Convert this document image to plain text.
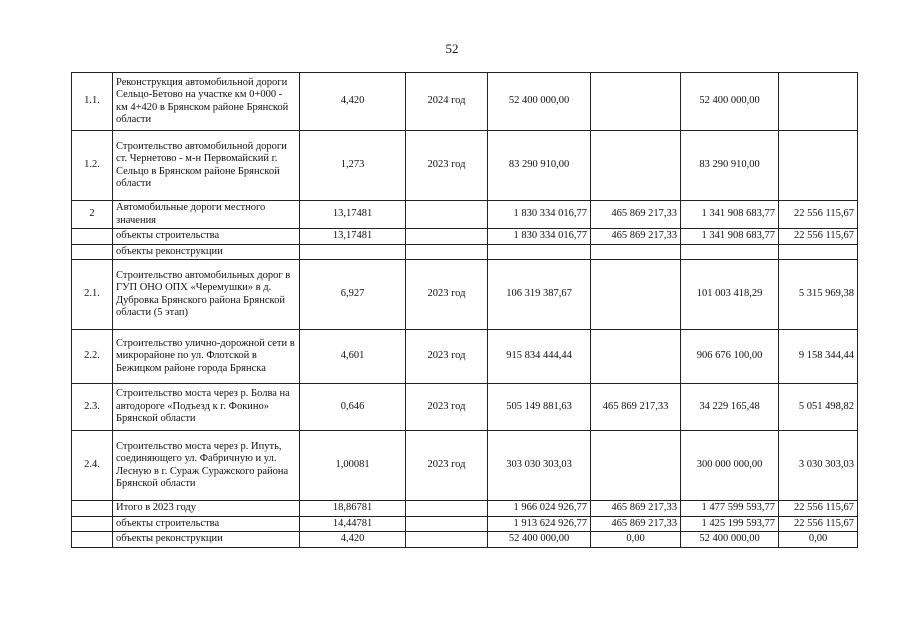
52
1.1.	Реконструкция автомобильной дороги Сельцо-Бетово на участке км 0+000 - км 4+420 в Брянском районе Брянской области	4,420	2024 год	52 400 000,00		52 400 000,00	
1.2.	Строительство автомобильной дороги ст. Чернетово - м-н Первомайский г. Сельцо в Брянском районе Брянской области	1,273	2023 год	83 290 910,00		83 290 910,00	
2	Автомобильные дороги местного значения	13,17481		1 830 334 016,77	465 869 217,33	1 341 908 683,77	22 556 115,67
	объекты строительства	13,17481		1 830 334 016,77	465 869 217,33	1 341 908 683,77	22 556 115,67
	объекты реконструкции						
2.1.	Строительство автомобильных дорог в ГУП ОНО ОПХ «Черемушки» в д. Дубровка Брянского района Брянской области (5 этап)	6,927	2023 год	106 319 387,67		101 003 418,29	5 315 969,38
2.2.	Строительство улично-дорожной сети в микрорайоне по ул. Флотской в Бежицком районе города Брянска	4,601	2023 год	915 834 444,44		906 676 100,00	9 158 344,44
2.3.	Строительство моста через р. Болва на автодороге «Подъезд к г. Фокино» Брянской области	0,646	2023 год	505 149 881,63	465 869 217,33	34 229 165,48	5 051 498,82
2.4.	Строительство моста через р. Ипуть, соединяющего ул. Фабричную и ул. Лесную в г. Сураж Суражского района Брянской области	1,00081	2023 год	303 030 303,03		300 000 000,00	3 030 303,03
	Итого в 2023 году	18,86781		1 966 024 926,77	465 869 217,33	1 477 599 593,77	22 556 115,67
	объекты строительства	14,44781		1 913 624 926,77	465 869 217,33	1 425 199 593,77	22 556 115,67
	объекты реконструкции	4,420		52 400 000,00	0,00	52 400 000,00	0,00
